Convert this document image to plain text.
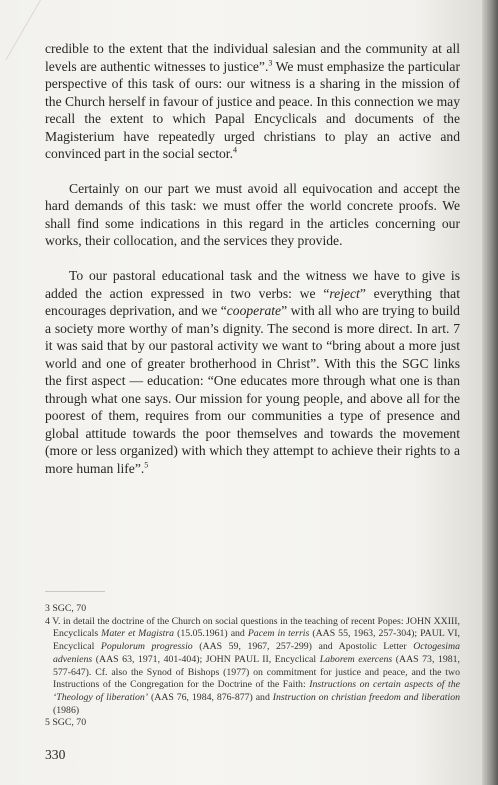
credible to the extent that the individual salesian and the community at all levels are authentic witnesses to justice”.$^3$ We must emphasize the particular perspective of this task of ours: our witness is a sharing in the mission of the Church herself in favour of justice and peace. In this connection we may recall the extent to which Papal Encyclicals and documents of the Magisterium have repeatedly urged christians to play an active and convinced part in the social sector.$^4$

Certainly on our part we must avoid all equivocation and accept the hard demands of this task: we must offer the world concrete proofs. We shall find some indications in this regard in the articles concerning our works, their collocation, and the services they provide.

To our pastoral educational task and the witness we have to give is added the action expressed in two verbs: we “reject” everything that encourages deprivation, and we “cooperate” with all who are trying to build a society more worthy of man’s dignity. The second is more direct. In art. 7 it was said that by our pastoral activity we want to “bring about a more just world and one of greater brotherhood in Christ”. With this the SGC links the first aspect — education: “One educates more through what one is than through what one says. Our mission for young people, and above all for the poorest of them, requires from our communities a type of presence and global attitude towards the poor themselves and towards the movement (more or less organized) with which they attempt to achieve their rights to a more human life”.$^5$

3 SGC, 70

4 V. in detail the doctrine of the Church on social questions in the teaching of recent Popes: JOHN XXIII, Encyclicals Mater et Magistra (15.05.1961) and Pacem in terris (AAS 55, 1963, 257-304); PAUL VI, Encyclical Populorum progressio (AAS 59, 1967, 257-299) and Apostolic Letter Octogesima adveniens (AAS 63, 1971, 401-404); JOHN PAUL II, Encyclical Laborem exercens (AAS 73, 1981, 577-647). Cf. also the Synod of Bishops (1977) on commitment for justice and peace, and the two Instructions of the Congregation for the Doctrine of the Faith: Instructions on certain aspects of the ‘Theology of liberation’ (AAS 76, 1984, 876-877) and Instruction on christian freedom and liberation (1986)

5 SGC, 70

330
